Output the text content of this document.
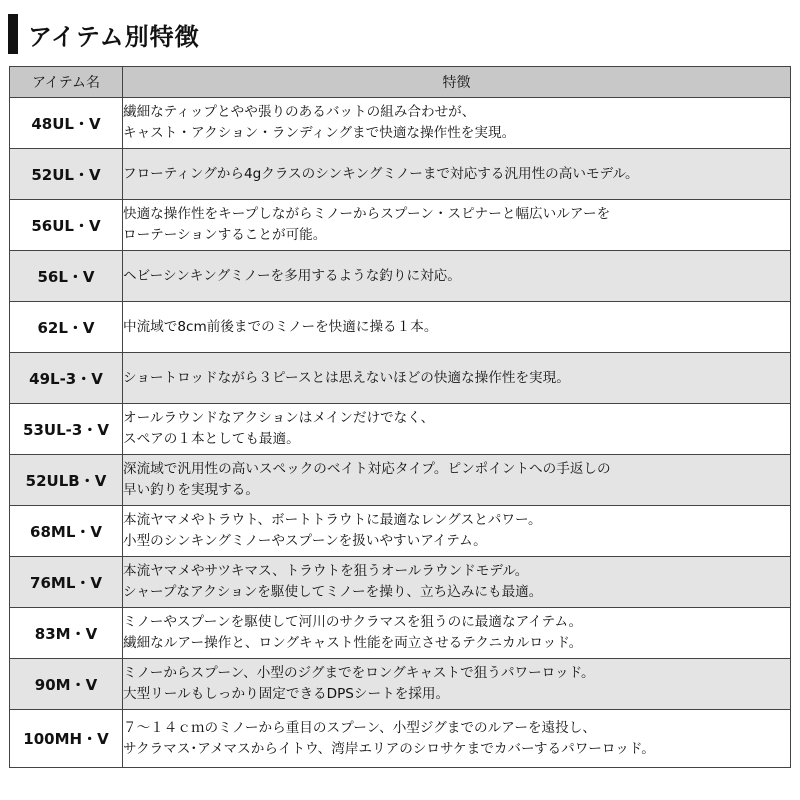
アイテム別特徴
アイテム名	特徴
48UL・V	繊細なティップとやや張りのあるバットの組み合わせが、
キャスト・アクション・ランディングまで快適な操作性を実現。

52UL・V	フローティングから4gクラスのシンキングミノーまで対応する汎用性の高いモデル。

56UL・V	快適な操作性をキープしながらミノーからスプーン・スピナーと幅広いルアーを
ローテーションすることが可能。

56L・V	ヘビーシンキングミノーを多用するような釣りに対応。

62L・V	中流域で8cm前後までのミノーを快適に操る１本。

49L-3・V	ショートロッドながら３ピースとは思えないほどの快適な操作性を実現。

53UL-3・V	オールラウンドなアクションはメインだけでなく、
スペアの１本としても最適。

52ULB・V	深流域で汎用性の高いスペックのベイト対応タイプ。ピンポイントへの手返しの
早い釣りを実現する。

68ML・V	本流ヤマメやトラウト、ボートトラウトに最適なレングスとパワー。
小型のシンキングミノーやスプーンを扱いやすいアイテム。

76ML・V	本流ヤマメやサツキマス、トラウトを狙うオールラウンドモデル。
シャープなアクションを駆使してミノーを操り、立ち込みにも最適。

83M・V	ミノーやスプーンを駆使して河川のサクラマスを狙うのに最適なアイテム。
繊細なルアー操作と、ロングキャスト性能を両立させるテクニカルロッド。

90M・V	ミノーからスプーン、小型のジグまでをロングキャストで狙うパワーロッド。
大型リールもしっかり固定できるDPSシートを採用。

100MH・V	７～１４ｃｍのミノーから重目のスプーン、小型ジグまでのルアーを遠投し、
サクラマス･アメマスからイトウ、湾岸エリアのシロサケまでカバーするパワーロッド。
